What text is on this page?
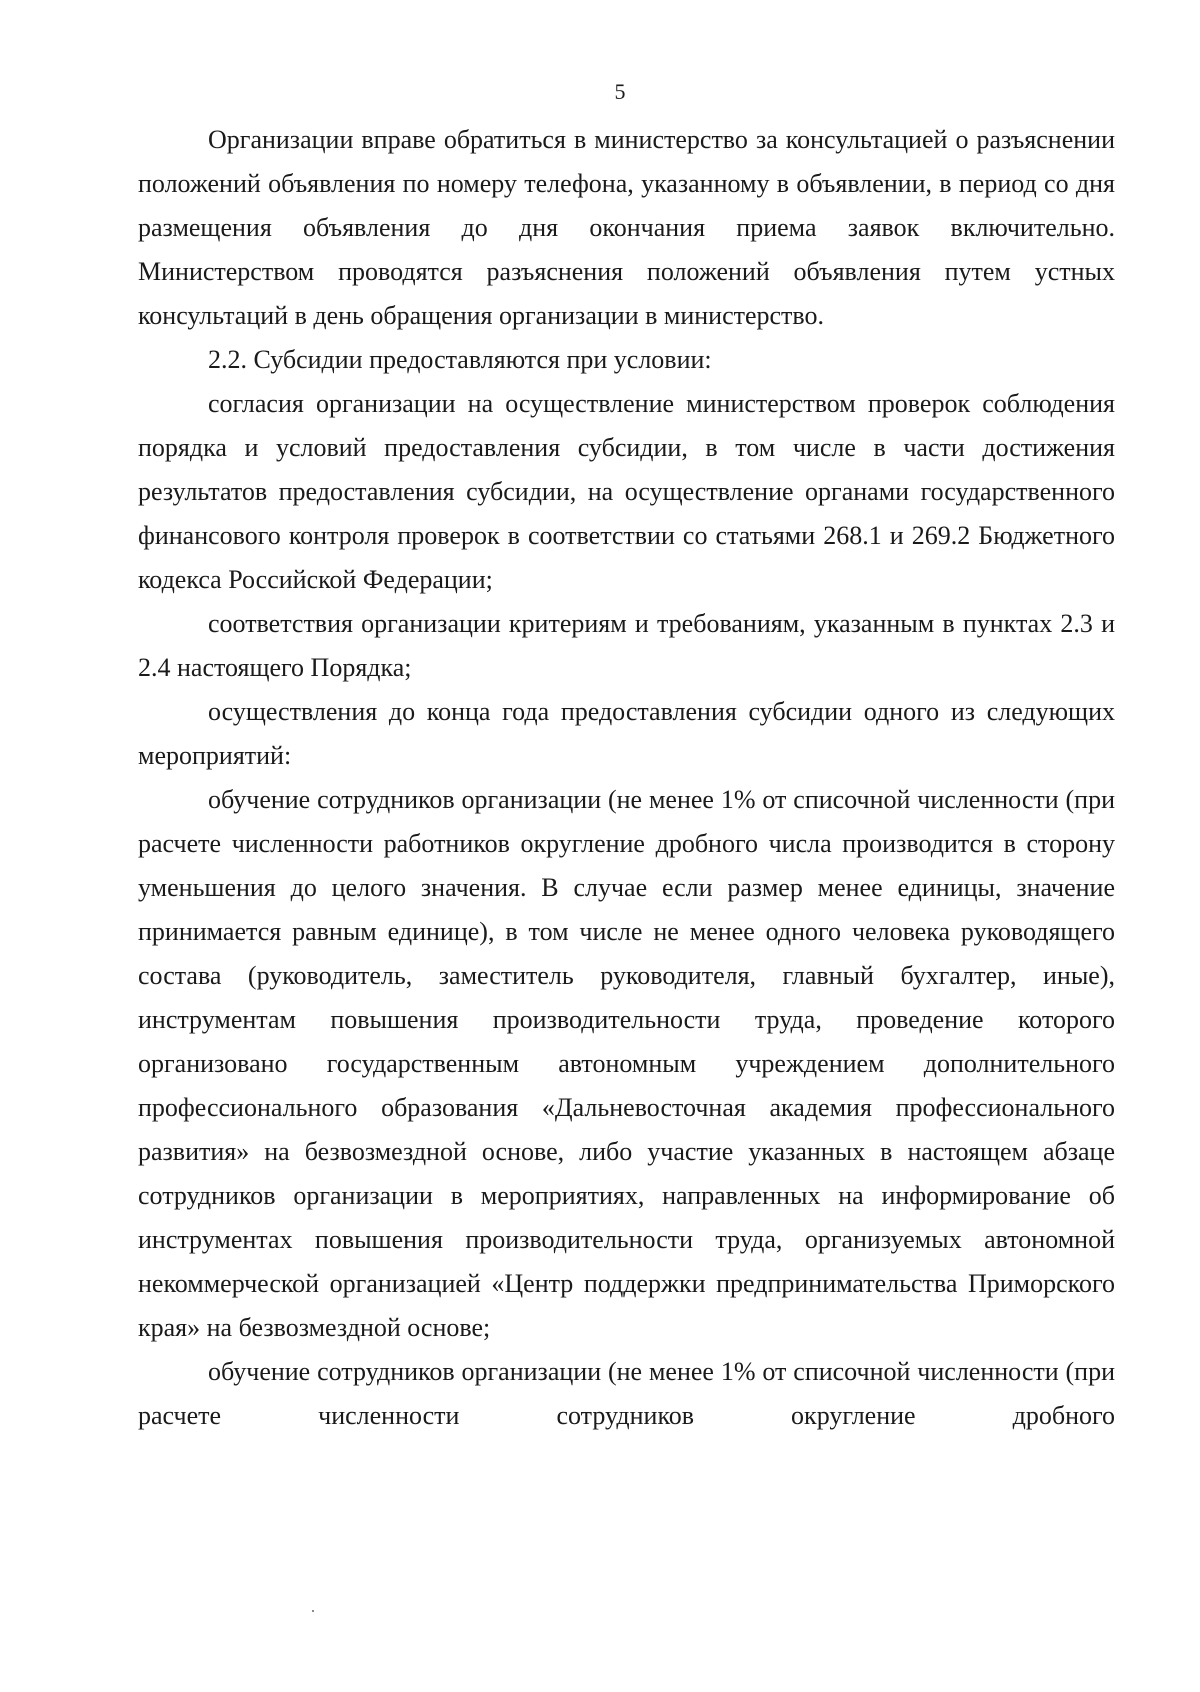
5

Организации вправе обратиться в министерство за консультацией о разъяснении положений объявления по номеру телефона, указанному в объявлении, в период со дня размещения объявления до дня окончания приема заявок включительно. Министерством проводятся разъяснения положений объявления путем устных консультаций в день обращения организации в министерство.

2.2. Субсидии предоставляются при условии:

согласия организации на осуществление министерством проверок соблюдения порядка и условий предоставления субсидии, в том числе в части достижения результатов предоставления субсидии, на осуществление органами государственного финансового контроля проверок в соответствии со статьями 268.1 и 269.2 Бюджетного кодекса Российской Федерации;

соответствия организации критериям и требованиям, указанным в пунктах 2.3 и 2.4 настоящего Порядка;

осуществления до конца года предоставления субсидии одного из следующих мероприятий:

обучение сотрудников организации (не менее 1% от списочной численности (при расчете численности работников округление дробного числа производится в сторону уменьшения до целого значения. В случае если размер менее единицы, значение принимается равным единице), в том числе не менее одного человека руководящего состава (руководитель, заместитель руководителя, главный бухгалтер, иные), инструментам повышения производительности труда, проведение которого организовано государственным автономным учреждением дополнительного профессионального образования «Дальневосточная академия профессионального развития» на безвозмездной основе, либо участие указанных в настоящем абзаце сотрудников организации в мероприятиях, направленных на информирование об инструментах повышения производительности труда, организуемых автономной некоммерческой организацией «Центр поддержки предпринимательства Приморского края» на безвозмездной основе;

обучение сотрудников организации (не менее 1% от списочной численности (при расчете численности сотрудников округление дробного
